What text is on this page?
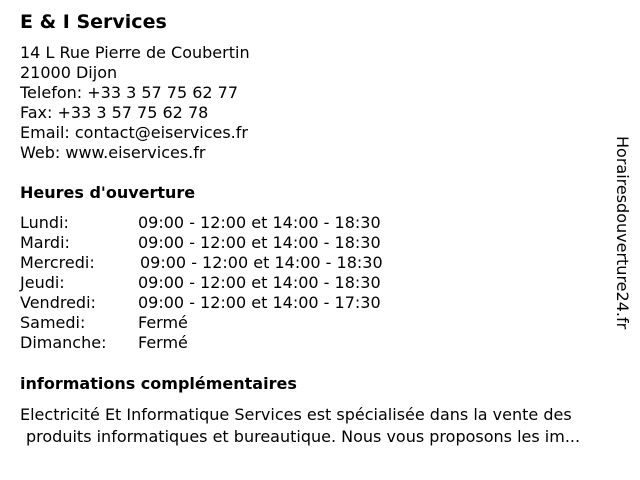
E & I Services
14 L Rue Pierre de Coubertin
21000 Dijon
Telefon: +33 3 57 75 62 77
Fax: +33 3 57 75 62 78
Email: contact@eiservices.fr
Web: www.eiservices.fr
Heures d'ouverture
Lundi:	09:00 - 12:00 et 14:00 - 18:30
Mardi:	09:00 - 12:00 et 14:00 - 18:30
Mercredi:	09:00 - 12:00 et 14:00 - 18:30
Jeudi:	09:00 - 12:00 et 14:00 - 18:30
Vendredi:	09:00 - 12:00 et 14:00 - 17:30
Samedi:	Fermé
Dimanche: Fermé
informations complémentaires
Electricité Et Informatique Services est spécialisée dans la vente des
produits informatiques et bureautique. Nous vous proposons les im...
Horairesdouverture24.fr
